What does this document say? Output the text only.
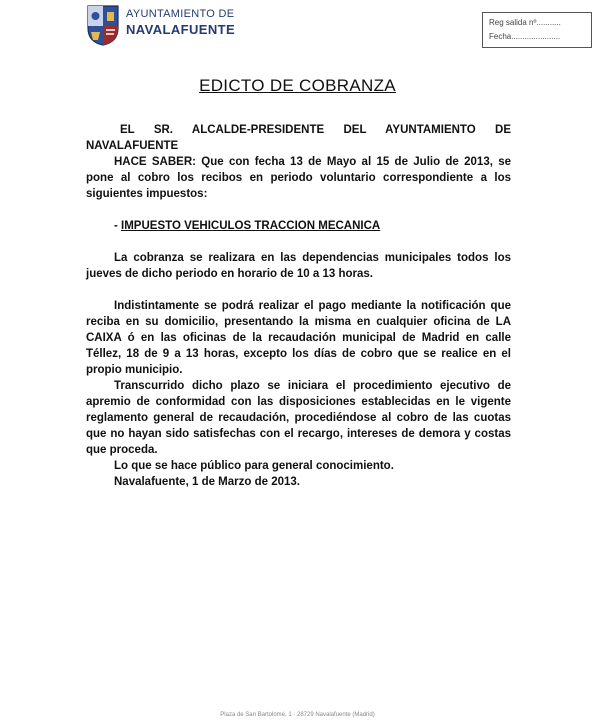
AYUNTAMIENTO DE
NAVALAFUENTE	Reg salida nº...........
Fecha......................
EDICTO DE COBRANZA

EL SR. ALCALDE-PRESIDENTE DEL AYUNTAMIENTO DE NAVALAFUENTE

HACE SABER: Que con fecha 13 de Mayo al 15 de Julio de 2013, se pone al cobro los recibos en periodo voluntario correspondiente a los siguientes impuestos:

- IMPUESTO VEHICULOS TRACCION MECANICA

La cobranza se realizara en las dependencias municipales todos los jueves de dicho periodo en horario de 10 a 13 horas.

Indistintamente se podrá realizar el pago mediante la notificación que reciba en su domicilio, presentando la misma en cualquier oficina de LA CAIXA ó en las oficinas de la recaudación municipal de Madrid en calle Téllez, 18 de 9 a 13 horas, excepto los días de cobro que se realice en el propio municipio.

Transcurrido dicho plazo se iniciara el procedimiento ejecutivo de apremio de conformidad con las disposiciones establecidas en le vigente reglamento general de recaudación, procediéndose al cobro de las cuotas que no hayan sido satisfechas con el recargo, intereses de demora y costas que proceda.

Lo que se hace público para general conocimiento.

Navalafuente, 1 de Marzo de 2013.

Plaza de San Bartolomé, 1 · 28729 Navalafuente (Madrid)
